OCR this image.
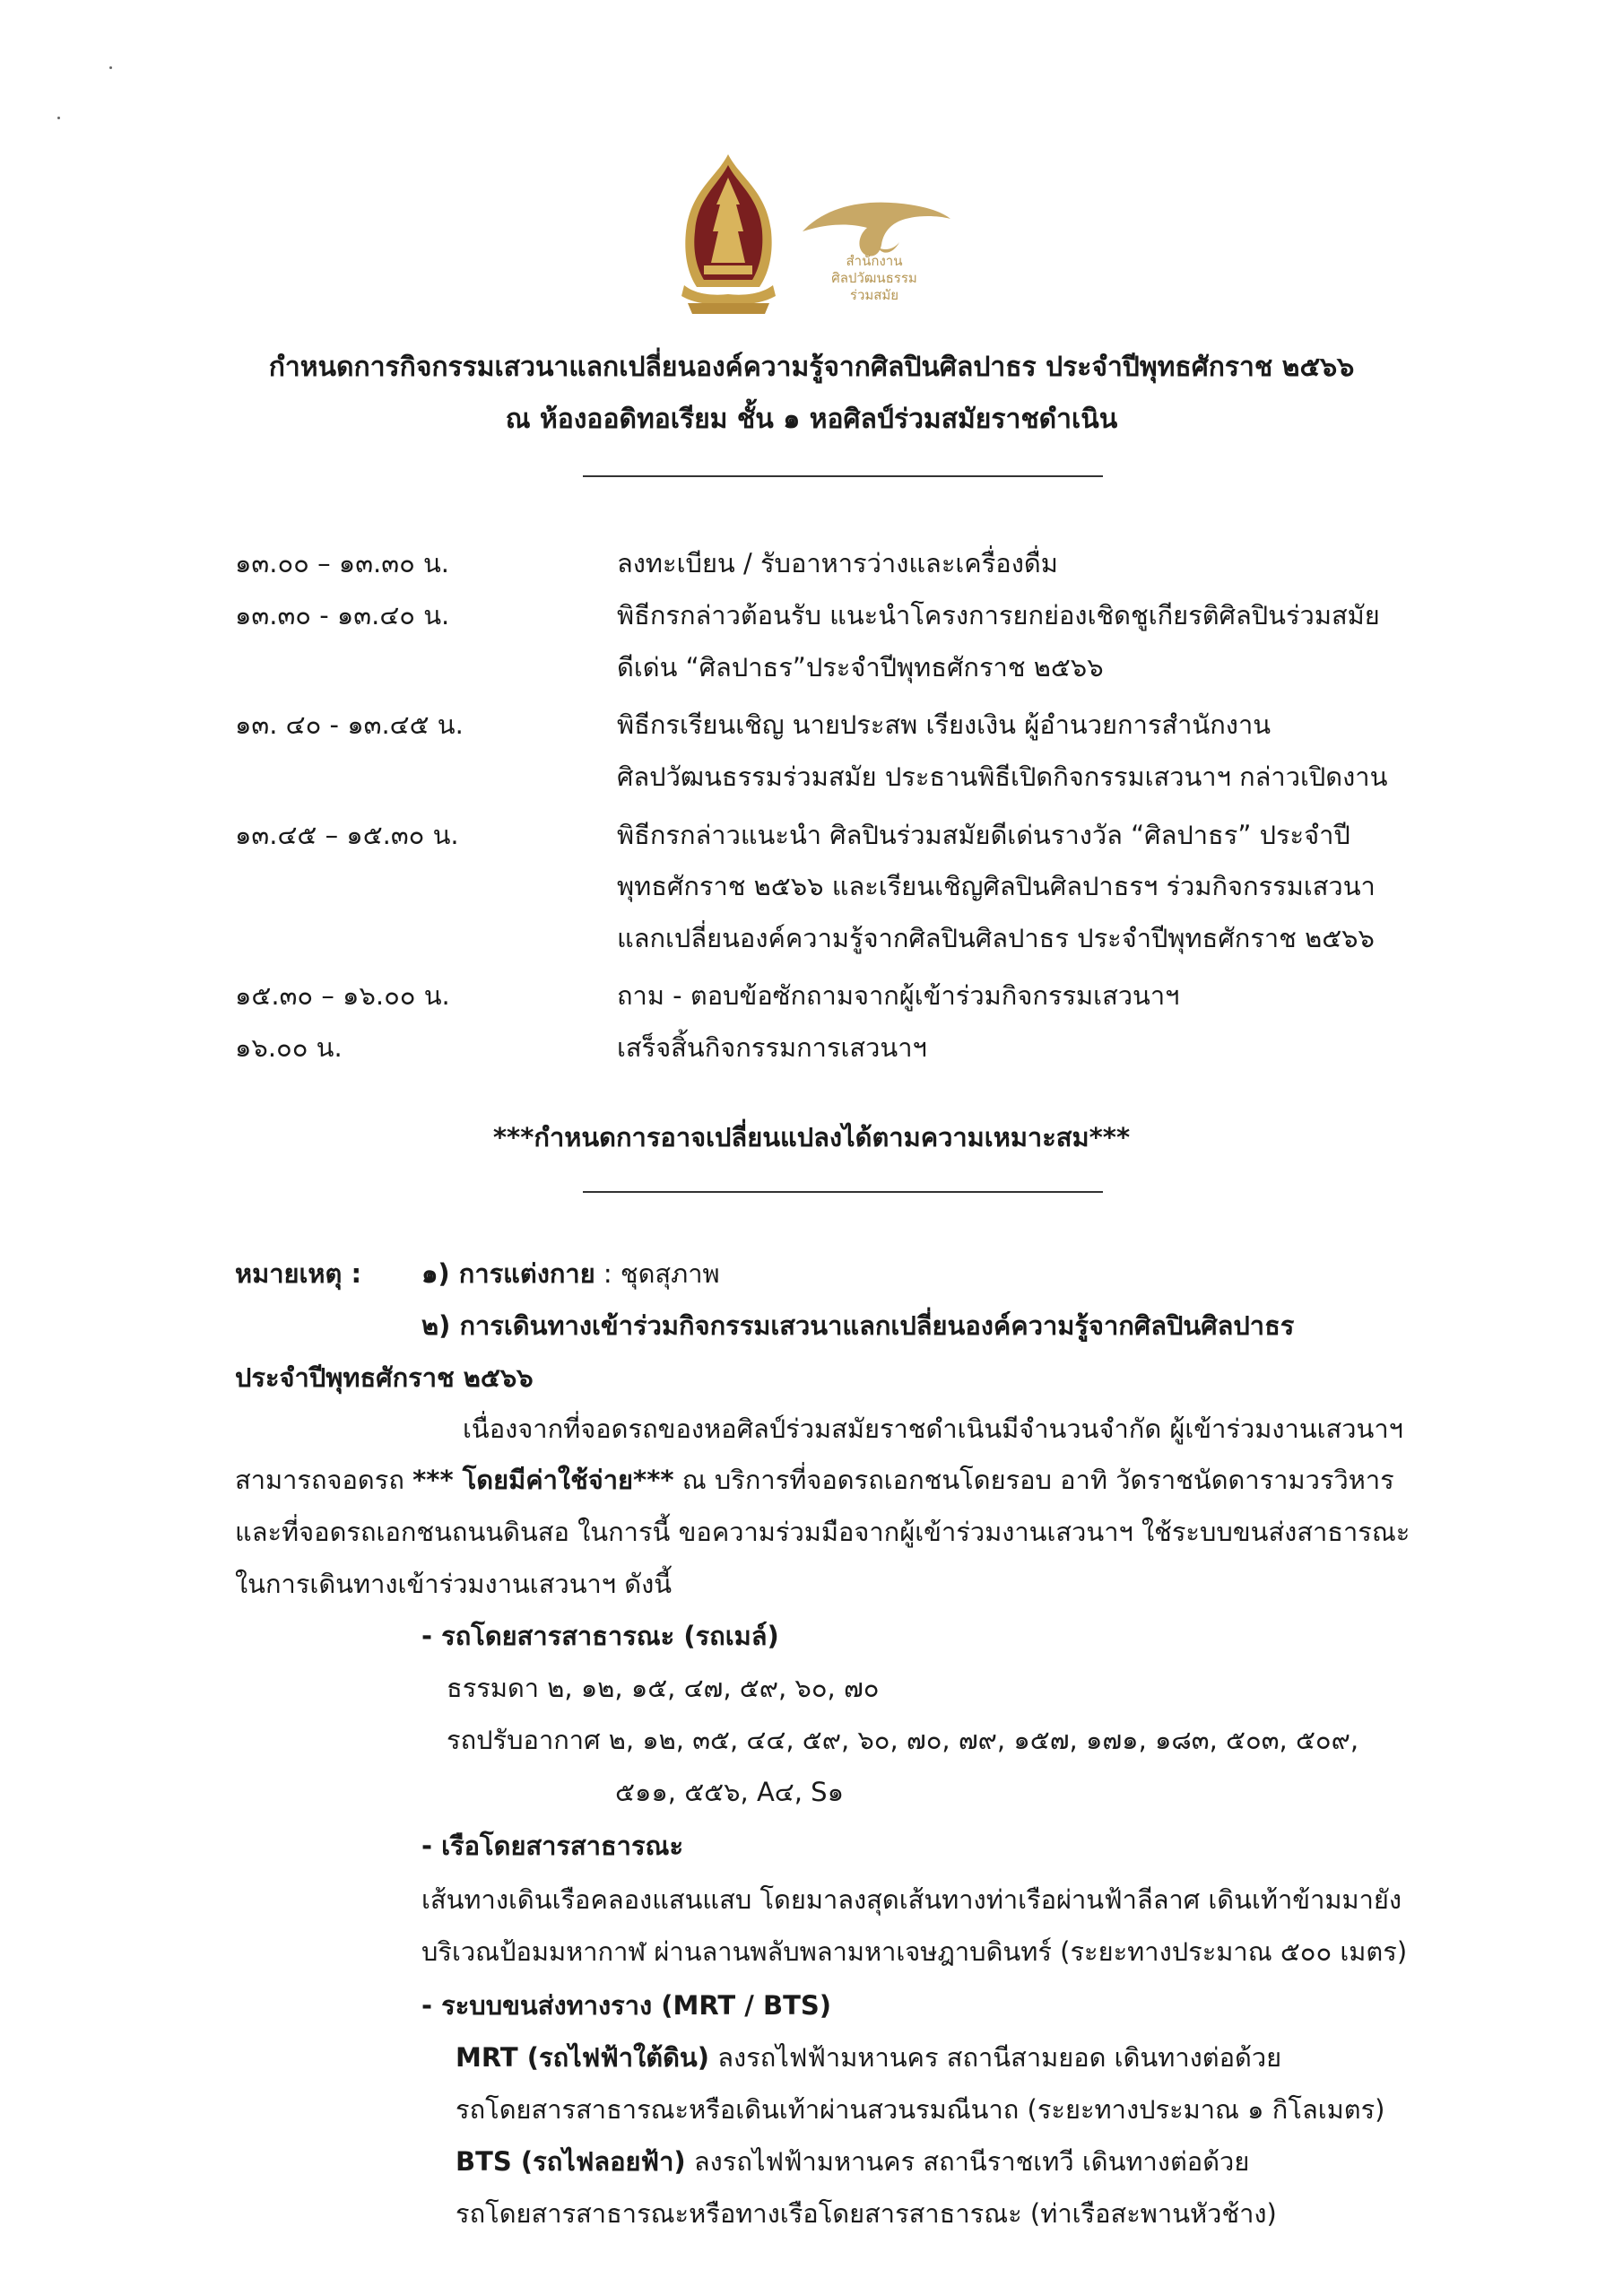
สำนักงาน
ศิลปวัฒนธรรม
ร่วมสมัย
กำหนดการกิจกรรมเสวนาแลกเปลี่ยนองค์ความรู้จากศิลปินศิลปาธร ประจำปีพุทธศักราช ๒๕๖๖
ณ ห้องออดิทอเรียม ชั้น ๑ หอศิลป์ร่วมสมัยราชดำเนิน
๑๓.๐๐ – ๑๓.๓๐ น.	ลงทะเบียน / รับอาหารว่างและเครื่องดื่ม
๑๓.๓๐ - ๑๓.๔๐ น.	พิธีกรกล่าวต้อนรับ แนะนำโครงการยกย่องเชิดชูเกียรติศิลปินร่วมสมัย
ดีเด่น “ศิลปาธร”ประจำปีพุทธศักราช ๒๕๖๖
๑๓. ๔๐ - ๑๓.๔๕ น.	พิธีกรเรียนเชิญ นายประสพ เรียงเงิน ผู้อำนวยการสำนักงาน
ศิลปวัฒนธรรมร่วมสมัย ประธานพิธีเปิดกิจกรรมเสวนาฯ กล่าวเปิดงาน
๑๓.๔๕ – ๑๕.๓๐ น.	พิธีกรกล่าวแนะนำ ศิลปินร่วมสมัยดีเด่นรางวัล “ศิลปาธร” ประจำปี
พุทธศักราช ๒๕๖๖ และเรียนเชิญศิลปินศิลปาธรฯ ร่วมกิจกรรมเสวนา
แลกเปลี่ยนองค์ความรู้จากศิลปินศิลปาธร ประจำปีพุทธศักราช ๒๕๖๖
๑๕.๓๐ – ๑๖.๐๐ น.	ถาม - ตอบข้อซักถามจากผู้เข้าร่วมกิจกรรมเสวนาฯ
๑๖.๐๐ น.	เสร็จสิ้นกิจกรรมการเสวนาฯ
***กำหนดการอาจเปลี่ยนแปลงได้ตามความเหมาะสม***
หมายเหตุ : ๑) การแต่งกาย : ชุดสุภาพ
๒) การเดินทางเข้าร่วมกิจกรรมเสวนาแลกเปลี่ยนองค์ความรู้จากศิลปินศิลปาธร
ประจำปีพุทธศักราช ๒๕๖๖
เนื่องจากที่จอดรถของหอศิลป์ร่วมสมัยราชดำเนินมีจำนวนจำกัด ผู้เข้าร่วมงานเสวนาฯ
สามารถจอดรถ *** โดยมีค่าใช้จ่าย*** ณ บริการที่จอดรถเอกชนโดยรอบ อาทิ วัดราชนัดดารามวรวิหาร
และที่จอดรถเอกชนถนนดินสอ ในการนี้ ขอความร่วมมือจากผู้เข้าร่วมงานเสวนาฯ ใช้ระบบขนส่งสาธารณะ
ในการเดินทางเข้าร่วมงานเสวนาฯ ดังนี้
- รถโดยสารสาธารณะ (รถเมล์)
ธรรมดา ๒, ๑๒, ๑๕, ๔๗, ๕๙, ๖๐, ๗๐
รถปรับอากาศ ๒, ๑๒, ๓๕, ๔๔, ๕๙, ๖๐, ๗๐, ๗๙, ๑๕๗, ๑๗๑, ๑๘๓, ๕๐๓, ๕๐๙,
๕๑๑, ๕๕๖, A๔, S๑
- เรือโดยสารสาธารณะ
เส้นทางเดินเรือคลองแสนแสบ โดยมาลงสุดเส้นทางท่าเรือผ่านฟ้าลีลาศ เดินเท้าข้ามมายัง
บริเวณป้อมมหากาฬ ผ่านลานพลับพลามหาเจษฎาบดินทร์ (ระยะทางประมาณ ๕๐๐ เมตร)
- ระบบขนส่งทางราง (MRT / BTS)
MRT (รถไฟฟ้าใต้ดิน) ลงรถไฟฟ้ามหานคร สถานีสามยอด เดินทางต่อด้วย
รถโดยสารสาธารณะหรือเดินเท้าผ่านสวนรมณีนาถ (ระยะทางประมาณ ๑ กิโลเมตร)
BTS (รถไฟลอยฟ้า) ลงรถไฟฟ้ามหานคร สถานีราชเทวี เดินทางต่อด้วย
รถโดยสารสาธารณะหรือทางเรือโดยสารสาธารณะ (ท่าเรือสะพานหัวช้าง)
